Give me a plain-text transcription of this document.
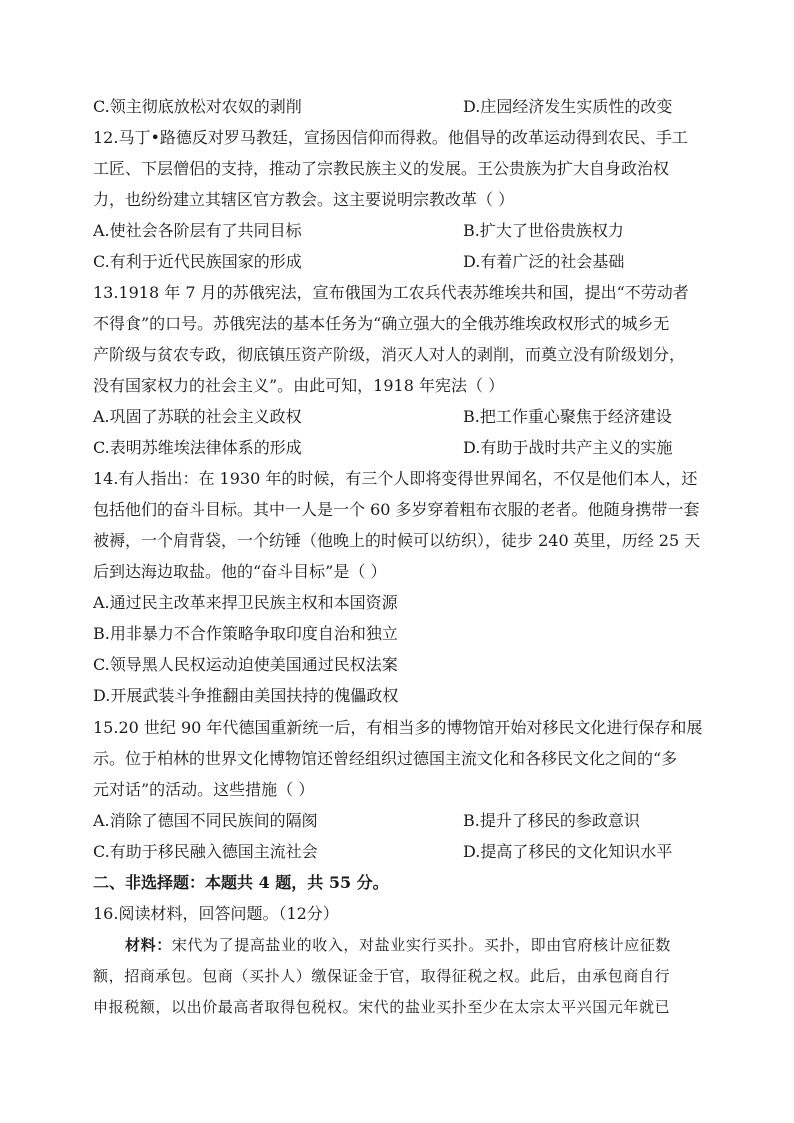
C.领主彻底放松对农奴的剥削	D.庄园经济发生实质性的改变
12.马丁•路德反对罗马教廷，宣扬因信仰而得救。他倡导的改革运动得到农民、手工
工匠、下层僧侣的支持，推动了宗教民族主义的发展。王公贵族为扩大自身政治权
力，也纷纷建立其辖区官方教会。这主要说明宗教改革（ ）
A.使社会各阶层有了共同目标	B.扩大了世俗贵族权力
C.有利于近代民族国家的形成	D.有着广泛的社会基础
13.1918 年 7 月的苏俄宪法，宣布俄国为工农兵代表苏维埃共和国，提出“不劳动者
不得食”的口号。苏俄宪法的基本任务为“确立强大的全俄苏维埃政权形式的城乡无
产阶级与贫农专政，彻底镇压资产阶级，消灭人对人的剥削，而奠立没有阶级划分，
没有国家权力的社会主义”。由此可知，1918 年宪法（ ）
A.巩固了苏联的社会主义政权	B.把工作重心聚焦于经济建设
C.表明苏维埃法律体系的形成	D.有助于战时共产主义的实施
14.有人指出：在 1930 年的时候，有三个人即将变得世界闻名，不仅是他们本人，还
包括他们的奋斗目标。其中一人是一个 60 多岁穿着粗布衣服的老者。他随身携带一套
被褥，一个肩背袋，一个纺锤（他晚上的时候可以纺织），徒步 240 英里，历经 25 天
后到达海边取盐。他的“奋斗目标”是（ ）
A.通过民主改革来捍卫民族主权和本国资源
B.用非暴力不合作策略争取印度自治和独立
C.领导黑人民权运动迫使美国通过民权法案
D.开展武装斗争推翻由美国扶持的傀儡政权
15.20 世纪 90 年代德国重新统一后，有相当多的博物馆开始对移民文化进行保存和展
示。位于柏林的世界文化博物馆还曾经组织过德国主流文化和各移民文化之间的“多
元对话”的活动。这些措施（ ）
A.消除了德国不同民族间的隔阂	B.提升了移民的参政意识
C.有助于移民融入德国主流社会	D.提高了移民的文化知识水平
二、非选择题：本题共 4 题，共 55 分。
16.阅读材料，回答问题。（12分）
材料：宋代为了提高盐业的收入，对盐业实行买扑。买扑，即由官府核计应征数
额，招商承包。包商（买扑人）缴保证金于官，取得征税之权。此后，由承包商自行
申报税额，以出价最高者取得包税权。宋代的盐业买扑至少在太宗太平兴国元年就已
